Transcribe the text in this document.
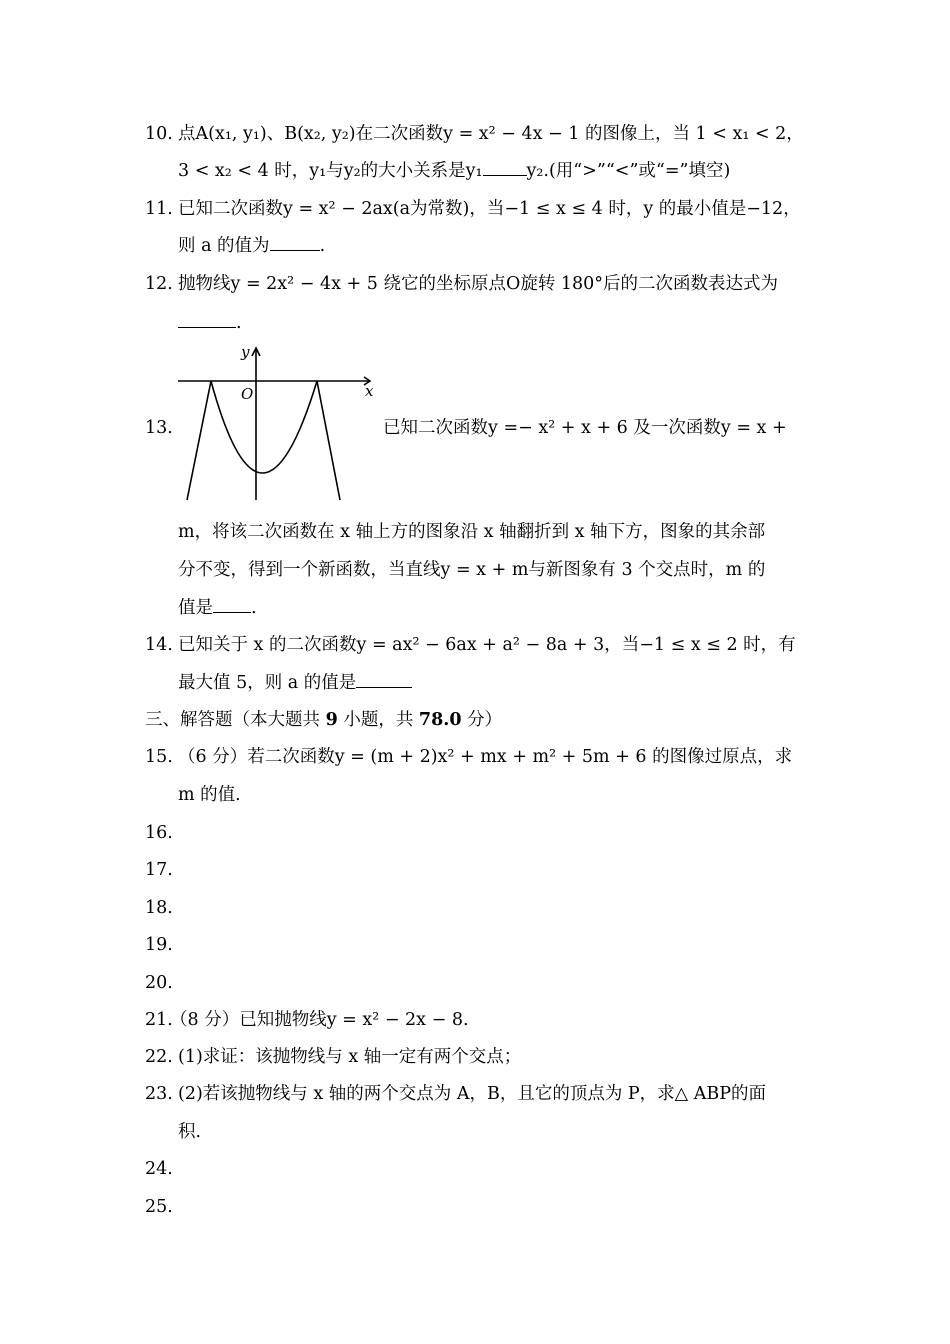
10. 点A(x₁, y₁)、B(x₂, y₂)在二次函数y = x² − 4x − 1 的图像上，当 1 < x₁ < 2，
3 < x₂ < 4 时，y₁与y₂的大小关系是y₁	y₂.(用“>”“<”或“=”填空)
11. 已知二次函数y = x² − 2ax(a为常数)，当−1 ≤ x ≤ 4 时，y 的最小值是−12，
则 a 的值为	.
12. 抛物线y = 2x² − 4x + 5 绕它的坐标原点O旋转 180°后的二次函数表达式为
.
y
x
O
13.	已知二次函数y =− x² + x + 6 及一次函数y = x +
m，将该二次函数在 x 轴上方的图象沿 x 轴翻折到 x 轴下方，图象的其余部
分不变，得到一个新函数，当直线y = x + m与新图象有 3 个交点时，m 的
值是 .
14. 已知关于 x 的二次函数y = ax² − 6ax + a² − 8a + 3，当−1 ≤ x ≤ 2 时，有
最大值 5，则 a 的值是
三、解答题（本大题共 9 小题，共 78.0 分）
15. （6 分）若二次函数y = (m + 2)x² + mx + m² + 5m + 6 的图像过原点，求
m 的值.
16.
17.
18.
19.
20.
21.
（8 分）已知抛物线y = x² − 2x − 8.
22. (1)求证：该抛物线与 x 轴一定有两个交点；
23. (2)若该抛物线与 x 轴的两个交点为 A，B，且它的顶点为 P，求△ ABP的面
积.
24.
25.
